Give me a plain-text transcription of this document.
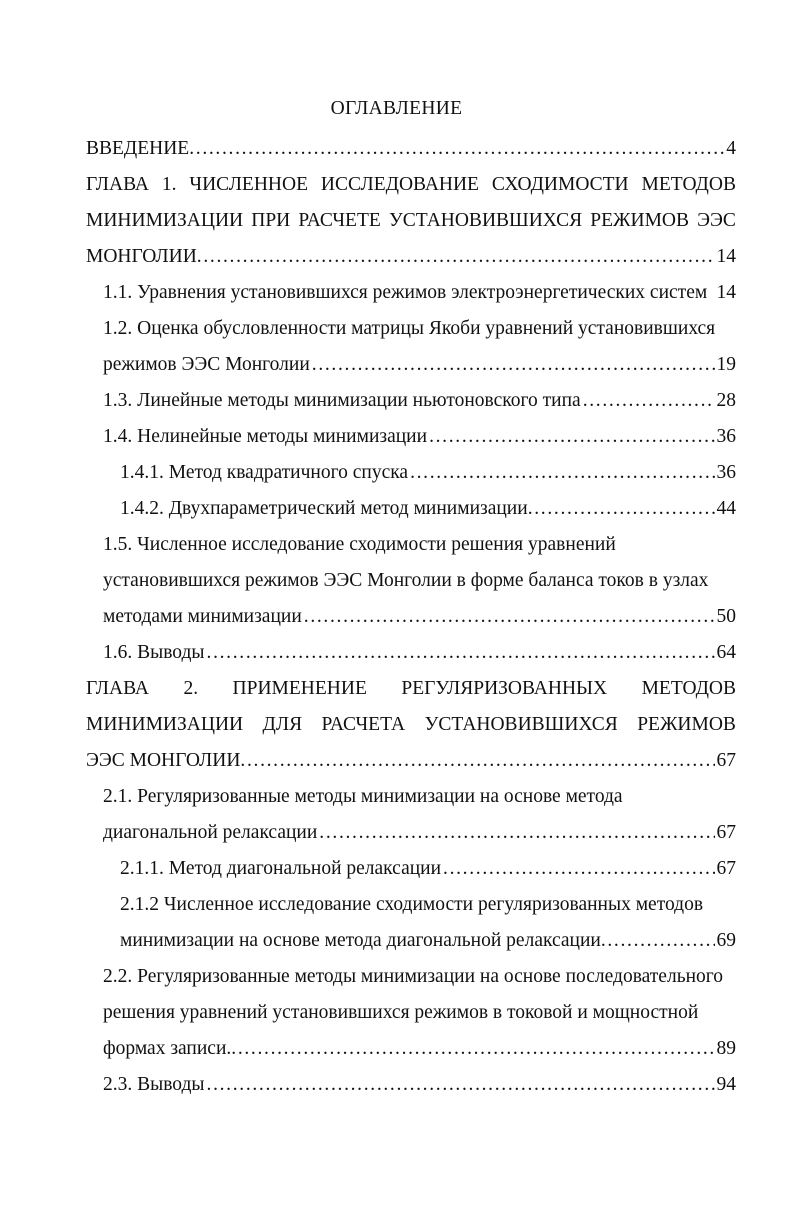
ОГЛАВЛЕНИЕ
ВВЕДЕНИЕ . . .	4
ГЛАВА 1. ЧИСЛЕННОЕ ИССЛЕДОВАНИЕ СХОДИМОСТИ МЕТОДОВ
МИНИМИЗАЦИИ ПРИ РАСЧЕТЕ УСТАНОВИВШИХСЯ РЕЖИМОВ ЭЭС
МОНГОЛИИ . . .	14
1.1. Уравнения установившихся режимов электроэнергетических систем 14
1.2. Оценка обусловленности матрицы Якоби уравнений установившихся
режимов ЭЭС Монголии . . .	19
1.3. Линейные методы минимизации ньютоновского типа . . .	28
1.4. Нелинейные методы минимизации . . .	36
1.4.1. Метод квадратичного спуска . . .	36
1.4.2. Двухпараметрический метод минимизации . . .	44
1.5. Численное исследование сходимости решения уравнений
установившихся режимов ЭЭС Монголии в форме баланса токов в узлах
методами минимизации . . .	50
1.6. Выводы . . .	64
ГЛАВА 2. ПРИМЕНЕНИЕ РЕГУЛЯРИЗОВАННЫХ МЕТОДОВ
МИНИМИЗАЦИИ ДЛЯ РАСЧЕТА УСТАНОВИВШИХСЯ РЕЖИМОВ
ЭЭС МОНГОЛИИ . . .	67
2.1. Регуляризованные методы минимизации на основе метода
диагональной релаксации . . .	67
2.1.1. Метод диагональной релаксации . . .	67
2.1.2 Численное исследование сходимости регуляризованных методов
минимизации на основе метода диагональной релаксации . . .	69
2.2. Регуляризованные методы минимизации на основе последовательного
решения уравнений установившихся режимов в токовой и мощностной
формах записи. . . .	89
2.3. Выводы . . .	94
